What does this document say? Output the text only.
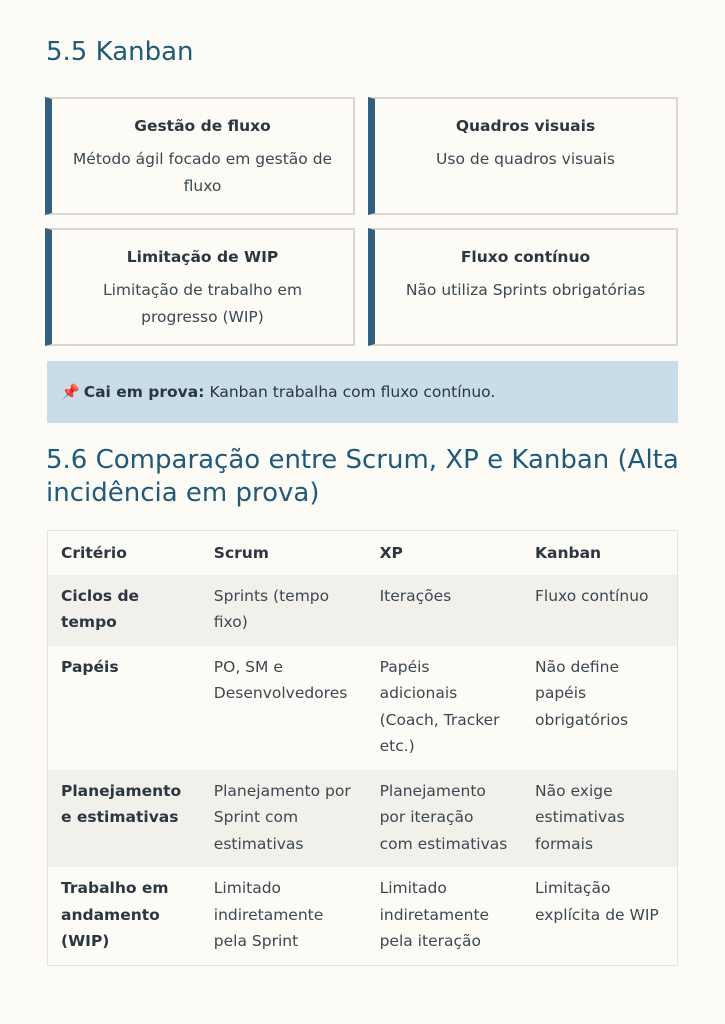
5.5 Kanban
Gestão de fluxo
Método ágil focado em gestão de fluxo
Quadros visuais
Uso de quadros visuais
Limitação de WIP
Limitação de trabalho em progresso (WIP)
Fluxo contínuo
Não utiliza Sprints obrigatórias
📌 Cai em prova: Kanban trabalha com fluxo contínuo.
5.6 Comparação entre Scrum, XP e Kanban (Alta incidência em prova)
Critério	Scrum	XP	Kanban
Ciclos de tempo	Sprints (tempo fixo)	Iterações	Fluxo contínuo
Papéis	PO, SM e Desenvolvedores	Papéis adicionais (Coach, Tracker etc.)	Não define papéis obrigatórios
Planejamento e estimativas	Planejamento por Sprint com estimativas	Planejamento por iteração com estimativas	Não exige estimativas formais
Trabalho em andamento (WIP)	Limitado indiretamente pela Sprint	Limitado indiretamente pela iteração	Limitação explícita de WIP
